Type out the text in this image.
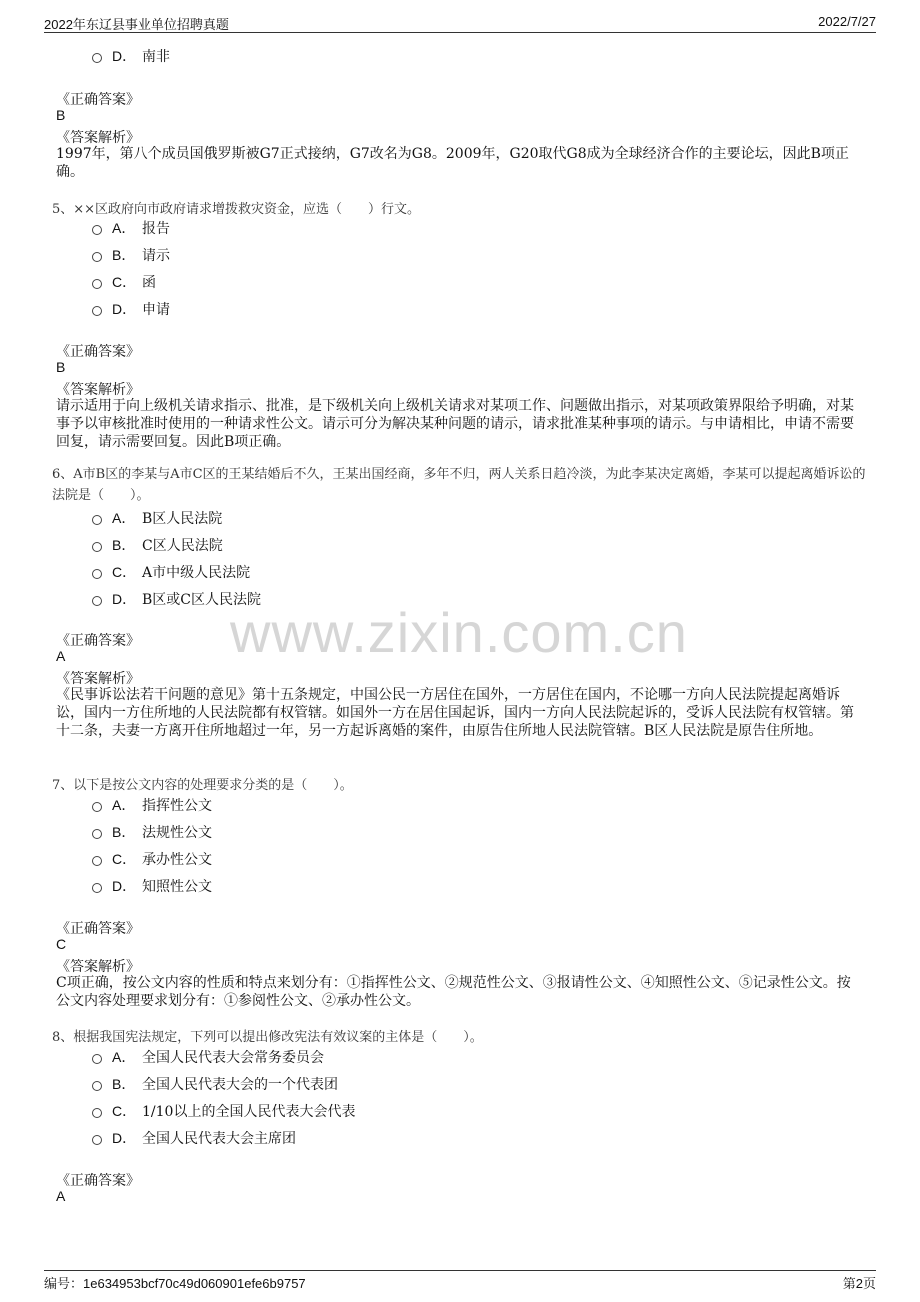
2022年东辽县事业单位招聘真题	2022/7/27
www.zixin.com.cn
D． 南非
《正确答案》
B
《答案解析》
1997年，第八个成员国俄罗斯被G7正式接纳，G7改名为G8。2009年，G20取代G8成为全球经济合作的主要论坛，因此B项正确。
5、××区政府向市政府请求增拨救灾资金，应选（　　）行文。
A． 报告
B． 请示
C． 函
D． 申请
《正确答案》
B
《答案解析》
请示适用于向上级机关请求指示、批准，是下级机关向上级机关请求对某项工作、问题做出指示，对某项政策界限给予明确，对某事予以审核批准时使用的一种请求性公文。请示可分为解决某种问题的请示，请求批准某种事项的请示。与申请相比，申请不需要回复，请示需要回复。因此B项正确。
6、A市B区的李某与A市C区的王某结婚后不久，王某出国经商，多年不归，两人关系日趋冷淡，为此李某决定离婚，李某可以提起离婚诉讼的法院是（　　）。
A． B区人民法院
B． C区人民法院
C． A市中级人民法院
D． B区或C区人民法院
《正确答案》
A
《答案解析》
《民事诉讼法若干问题的意见》第十五条规定，中国公民一方居住在国外，一方居住在国内，不论哪一方向人民法院提起离婚诉讼，国内一方住所地的人民法院都有权管辖。如国外一方在居住国起诉，国内一方向人民法院起诉的，受诉人民法院有权管辖。第十二条，夫妻一方离开住所地超过一年，另一方起诉离婚的案件，由原告住所地人民法院管辖。B区人民法院是原告住所地。
7、以下是按公文内容的处理要求分类的是（　　）。
A． 指挥性公文
B． 法规性公文
C． 承办性公文
D． 知照性公文
《正确答案》
C
《答案解析》
C项正确，按公文内容的性质和特点来划分有：①指挥性公文、②规范性公文、③报请性公文、④知照性公文、⑤记录性公文。按公文内容处理要求划分有：①参阅性公文、②承办性公文。
8、根据我国宪法规定，下列可以提出修改宪法有效议案的主体是（　　）。
A． 全国人民代表大会常务委员会
B． 全国人民代表大会的一个代表团
C． 1/10以上的全国人民代表大会代表
D． 全国人民代表大会主席团
《正确答案》
A
编号：1e634953bcf70c49d060901efe6b9757	第2页
